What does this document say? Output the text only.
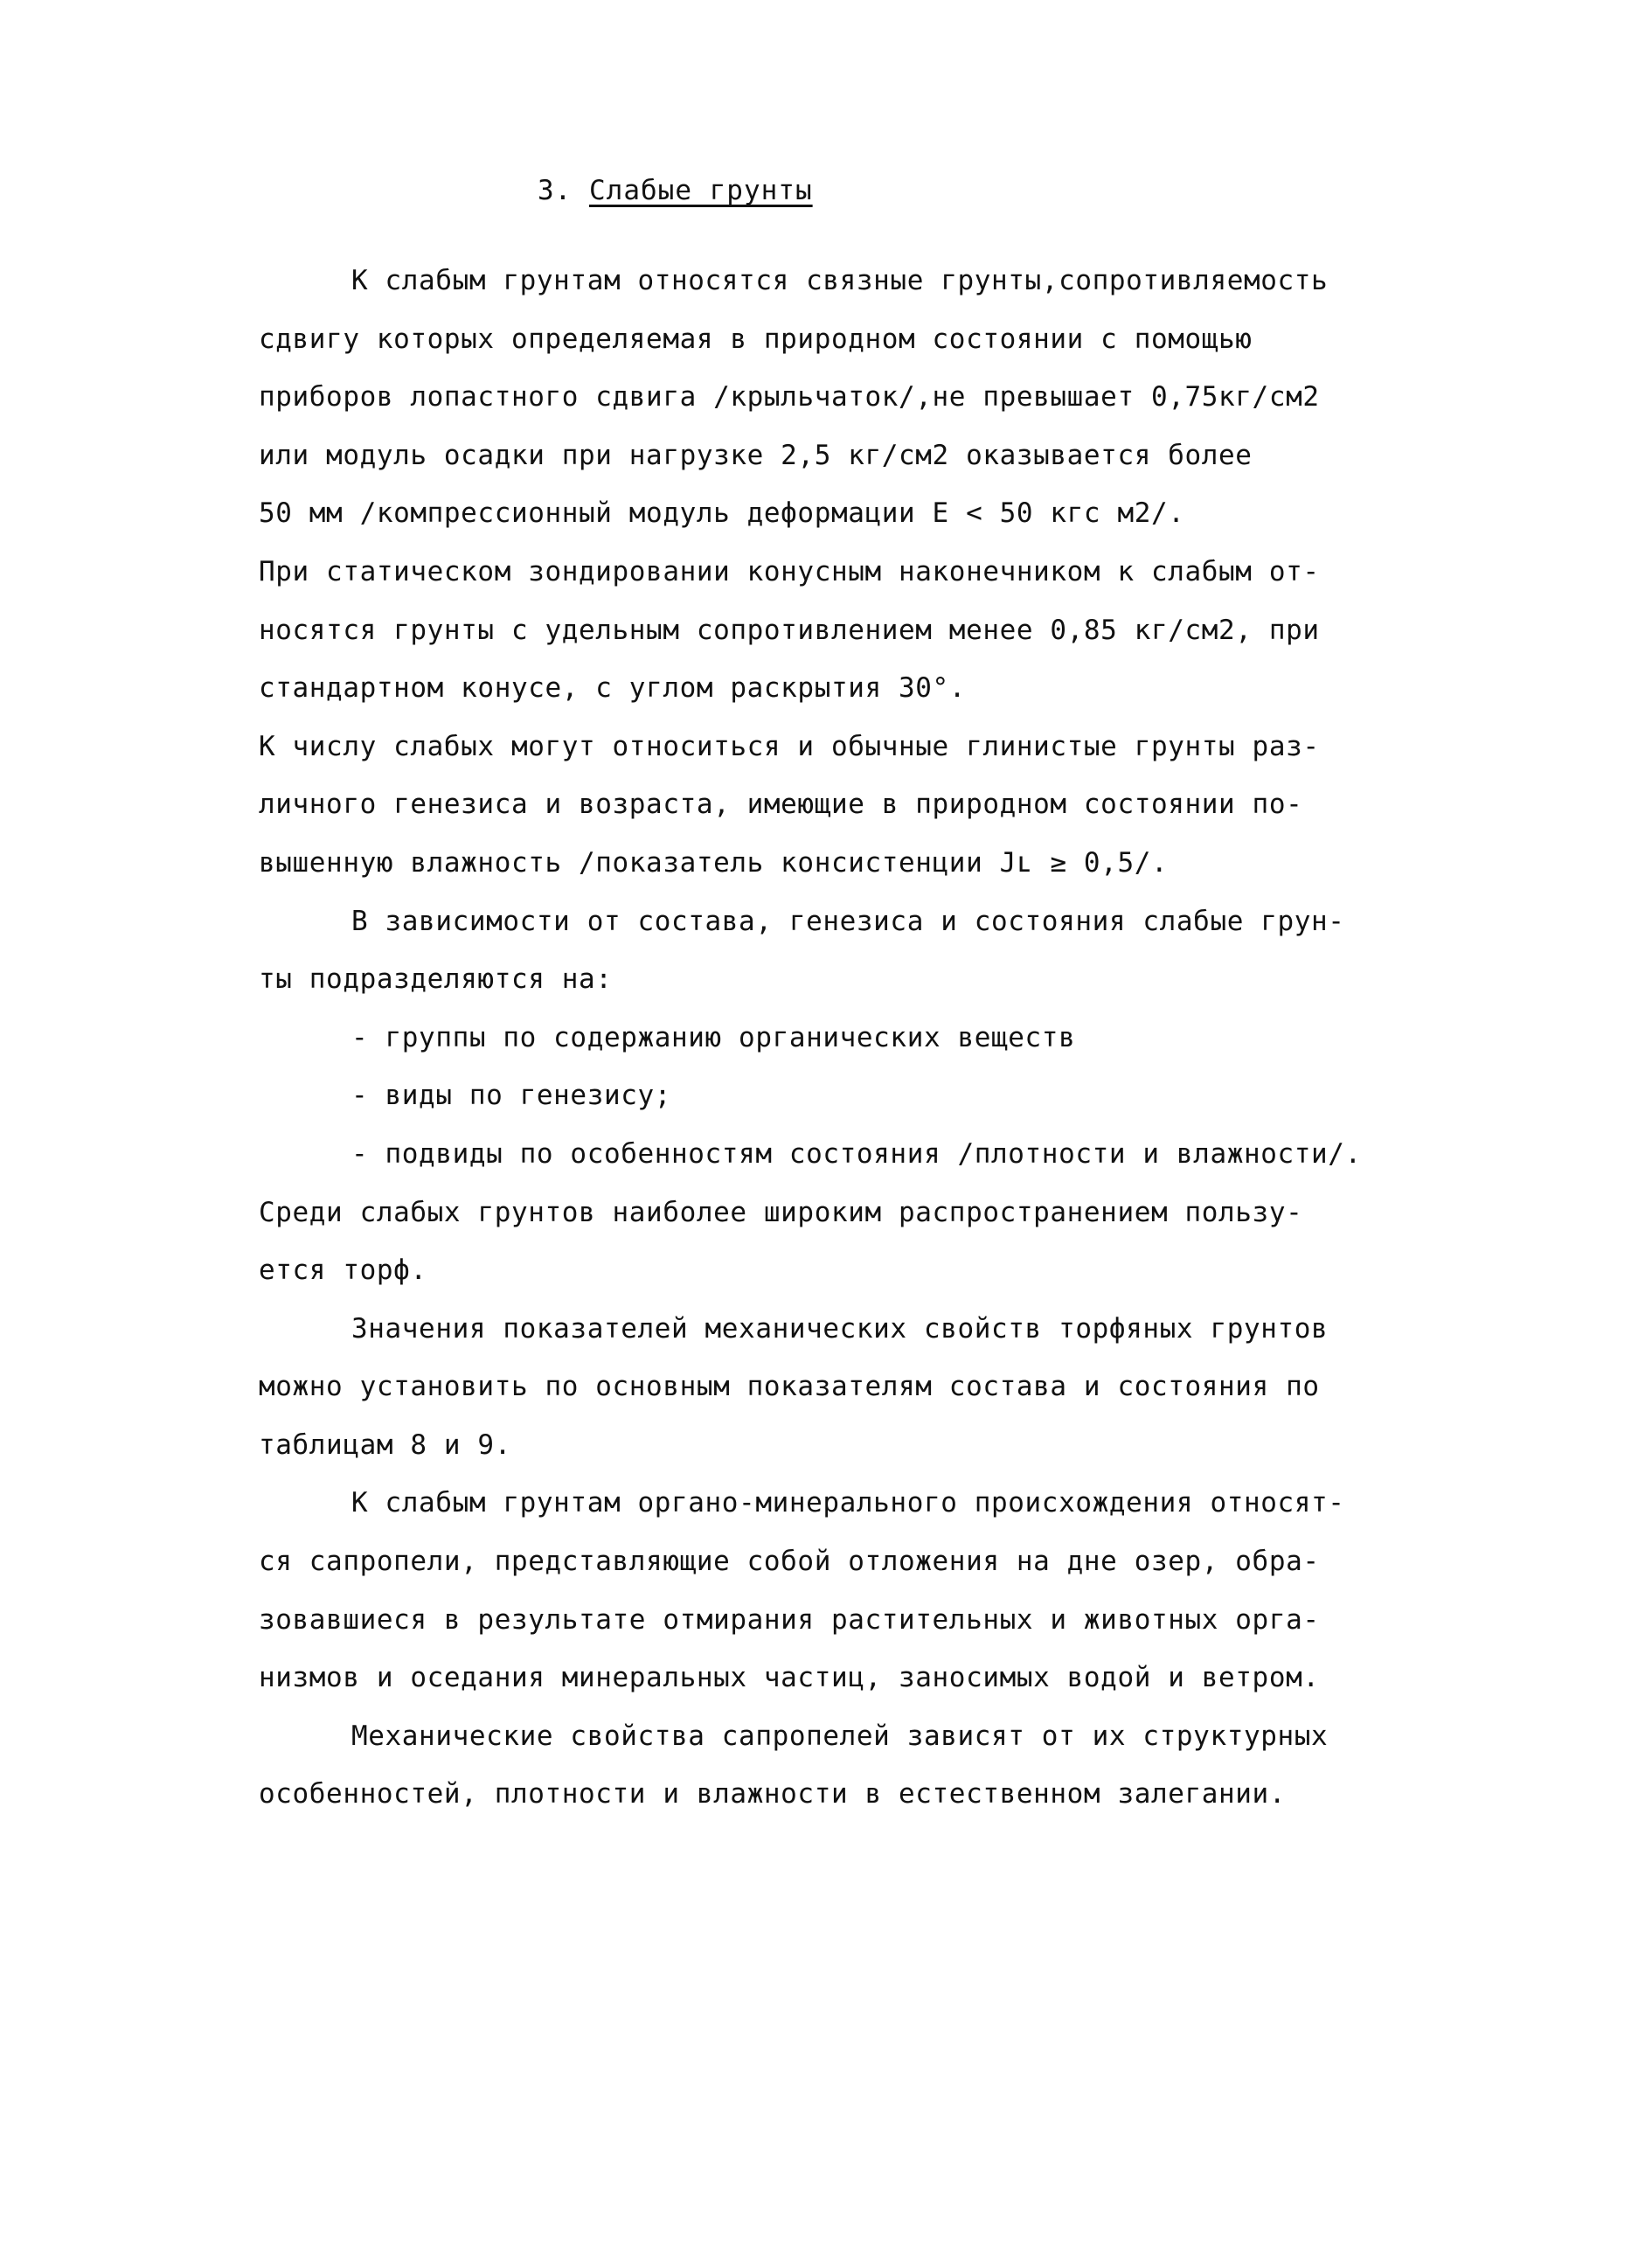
3. Слабые грунты
К слабым грунтам относятся связные грунты,сопротивляемость
сдвигу которых определяемая в природном состоянии с помощью
приборов лопастного сдвига /крыльчаток/,не превышает 0,75кг/см2
или модуль осадки при нагрузке 2,5 кг/см2 оказывается более
50 мм /компрессионный модуль деформации E < 50 кгс м2/.
При статическом зондировании конусным наконечником к слабым от-
носятся грунты с удельным сопротивлением менее 0,85 кг/см2, при
стандартном конусе, с углом раскрытия 30°.
К числу слабых могут относиться и обычные глинистые грунты раз-
личного генезиса и возраста, имеющие в природном состоянии по-
вышенную влажность /показатель консистенции Jʟ ≥ 0,5/.
В зависимости от состава, генезиса и состояния слабые грун-
ты подразделяются на:
- группы по содержанию органических веществ
- виды по генезису;
- подвиды по особенностям состояния /плотности и влажности/.
Среди слабых грунтов наиболее широким распространением пользу-
ется торф.
Значения показателей механических свойств торфяных грунтов
можно установить по основным показателям состава и состояния по
таблицам 8 и 9.
К слабым грунтам органо-минерального происхождения относят-
ся сапропели, представляющие собой отложения на дне озер, обра-
зовавшиеся в результате отмирания растительных и животных орга-
низмов и оседания минеральных частиц, заносимых водой и ветром.
Механические свойства сапропелей зависят от их структурных
особенностей, плотности и влажности в естественном залегании.
